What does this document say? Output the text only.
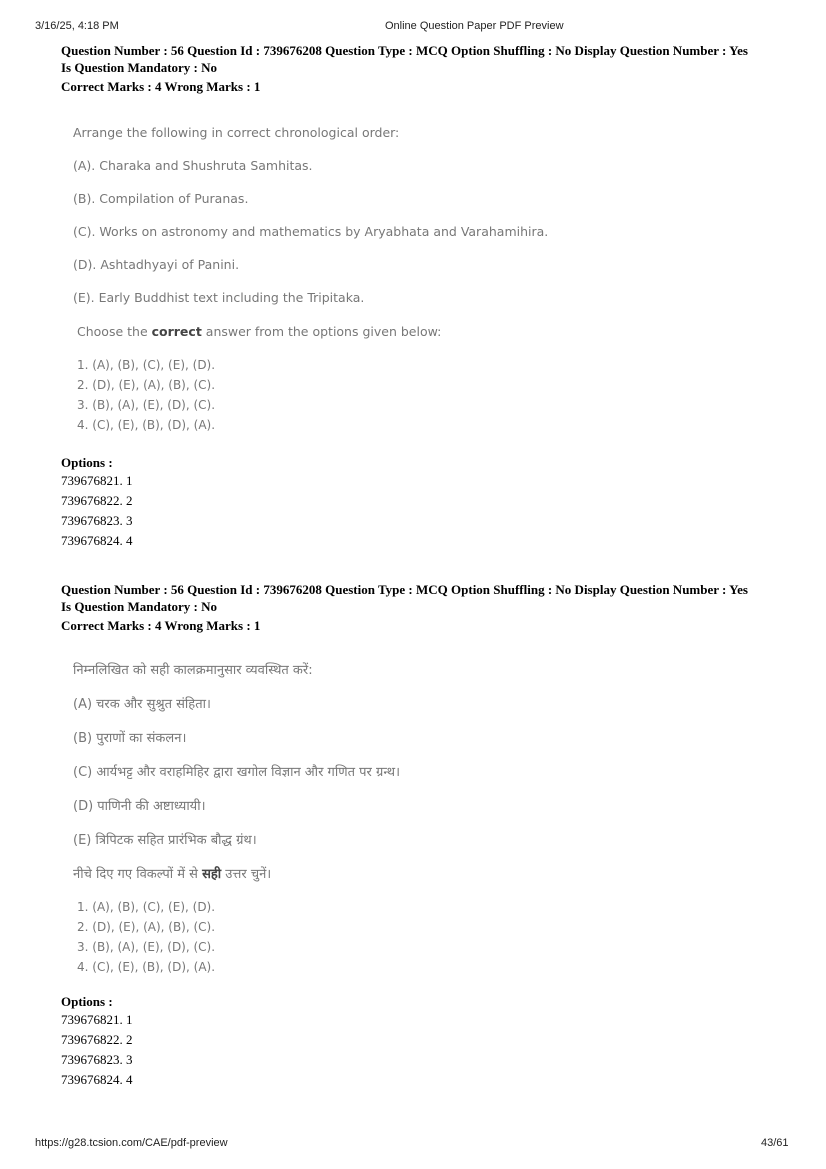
3/16/25, 4:18 PM	Online Question Paper PDF Preview
Question Number : 56 Question Id : 739676208 Question Type : MCQ Option Shuffling : No Display Question Number : Yes
Is Question Mandatory : No
Correct Marks : 4 Wrong Marks : 1
Arrange the following in correct chronological order:
(A). Charaka and Shushruta Samhitas.
(B). Compilation of Puranas.
(C). Works on astronomy and mathematics by Aryabhata and Varahamihira.
(D). Ashtadhyayi of Panini.
(E). Early Buddhist text including the Tripitaka.
Choose the correct answer from the options given below:
1. (A), (B), (C), (E), (D).
2. (D), (E), (A), (B), (C).
3. (B), (A), (E), (D), (C).
4. (C), (E), (B), (D), (A).
Options :
739676821. 1
739676822. 2
739676823. 3
739676824. 4
Question Number : 56 Question Id : 739676208 Question Type : MCQ Option Shuffling : No Display Question Number : Yes
Is Question Mandatory : No
Correct Marks : 4 Wrong Marks : 1
निम्नलिखित को सही कालक्रमानुसार व्यवस्थित करें:
(A) चरक और सुश्रुत संहिता।
(B) पुराणों का संकलन।
(C) आर्यभट्ट और वराहमिहिर द्वारा खगोल विज्ञान और गणित पर ग्रन्थ।
(D) पाणिनी की अष्टाध्यायी।
(E) त्रिपिटक सहित प्रारंभिक बौद्ध ग्रंथ।
नीचे दिए गए विकल्पों में से सही उत्तर चुनें।
1. (A), (B), (C), (E), (D).
2. (D), (E), (A), (B), (C).
3. (B), (A), (E), (D), (C).
4. (C), (E), (B), (D), (A).
Options :
739676821. 1
739676822. 2
739676823. 3
739676824. 4
https://g28.tcsion.com/CAE/pdf-preview	43/61
